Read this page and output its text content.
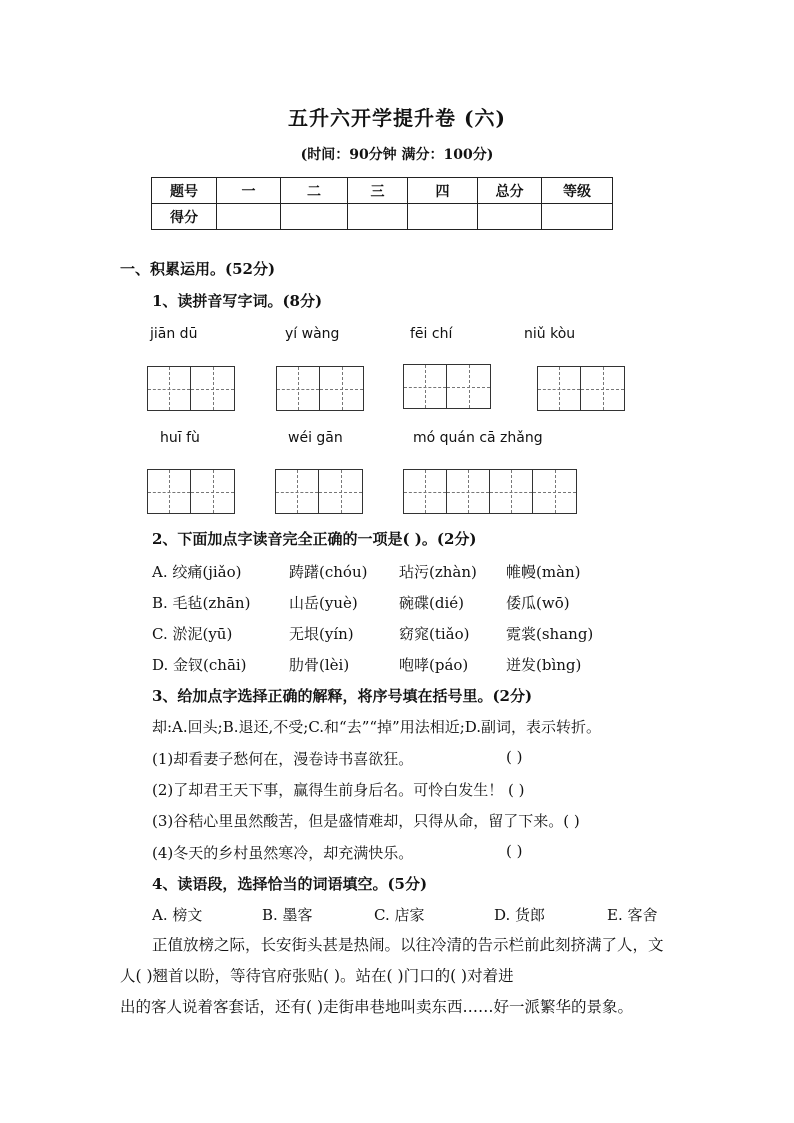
五升六开学提升卷 (六)
(时间：90分钟 满分：100分)
题号	一	二	三	四	总分	等级
得分						
一、积累运用。(52分)
1、读拼音写字词。(8分)
jiān dū	yí wàng	fēi chí	niǔ kòu
huī fù	wéi gān	mó quán cā zhǎng
2、下面加点字读音完全正确的一项是( )。(2分)
A. 绞痛(jiǎo)	踌躇(chóu) 玷污(zhàn) 帷幔(màn)
B. 毛毡(zhān)	山岳(yuè)	碗碟(dié)	倭瓜(wō)
C. 淤泥(yū)	无垠(yín)	窈窕(tiǎo) 霓裳(shang)
D. 金钗(chāi)	肋骨(lèi)	咆哮(páo)	迸发(bìng)
3、给加点字选择正确的解释，将序号填在括号里。(2分)
却:A.回头;B.退还,不受;C.和“去”“掉”用法相近;D.副词，表示转折。
(1)却看妻子愁何在，漫卷诗书喜欲狂。	( )
(2)了却君王天下事，赢得生前身后名。可怜白发生！ ( )
(3)谷秸心里虽然酸苦，但是盛情难却，只得从命，留了下来。( )
(4)冬天的乡村虽然寒冷，却充满快乐。	( )
4、读语段，选择恰当的词语填空。(5分)
A. 榜文	B. 墨客	C. 店家	D. 货郎	E. 客舍
正值放榜之际，长安街头甚是热闹。以往冷清的告示栏前此刻挤满了人，文
人( )翘首以盼，等待官府张贴( )。站在( )门口的( )对着进
出的客人说着客套话，还有( )走街串巷地叫卖东西……好一派繁华的景象。
